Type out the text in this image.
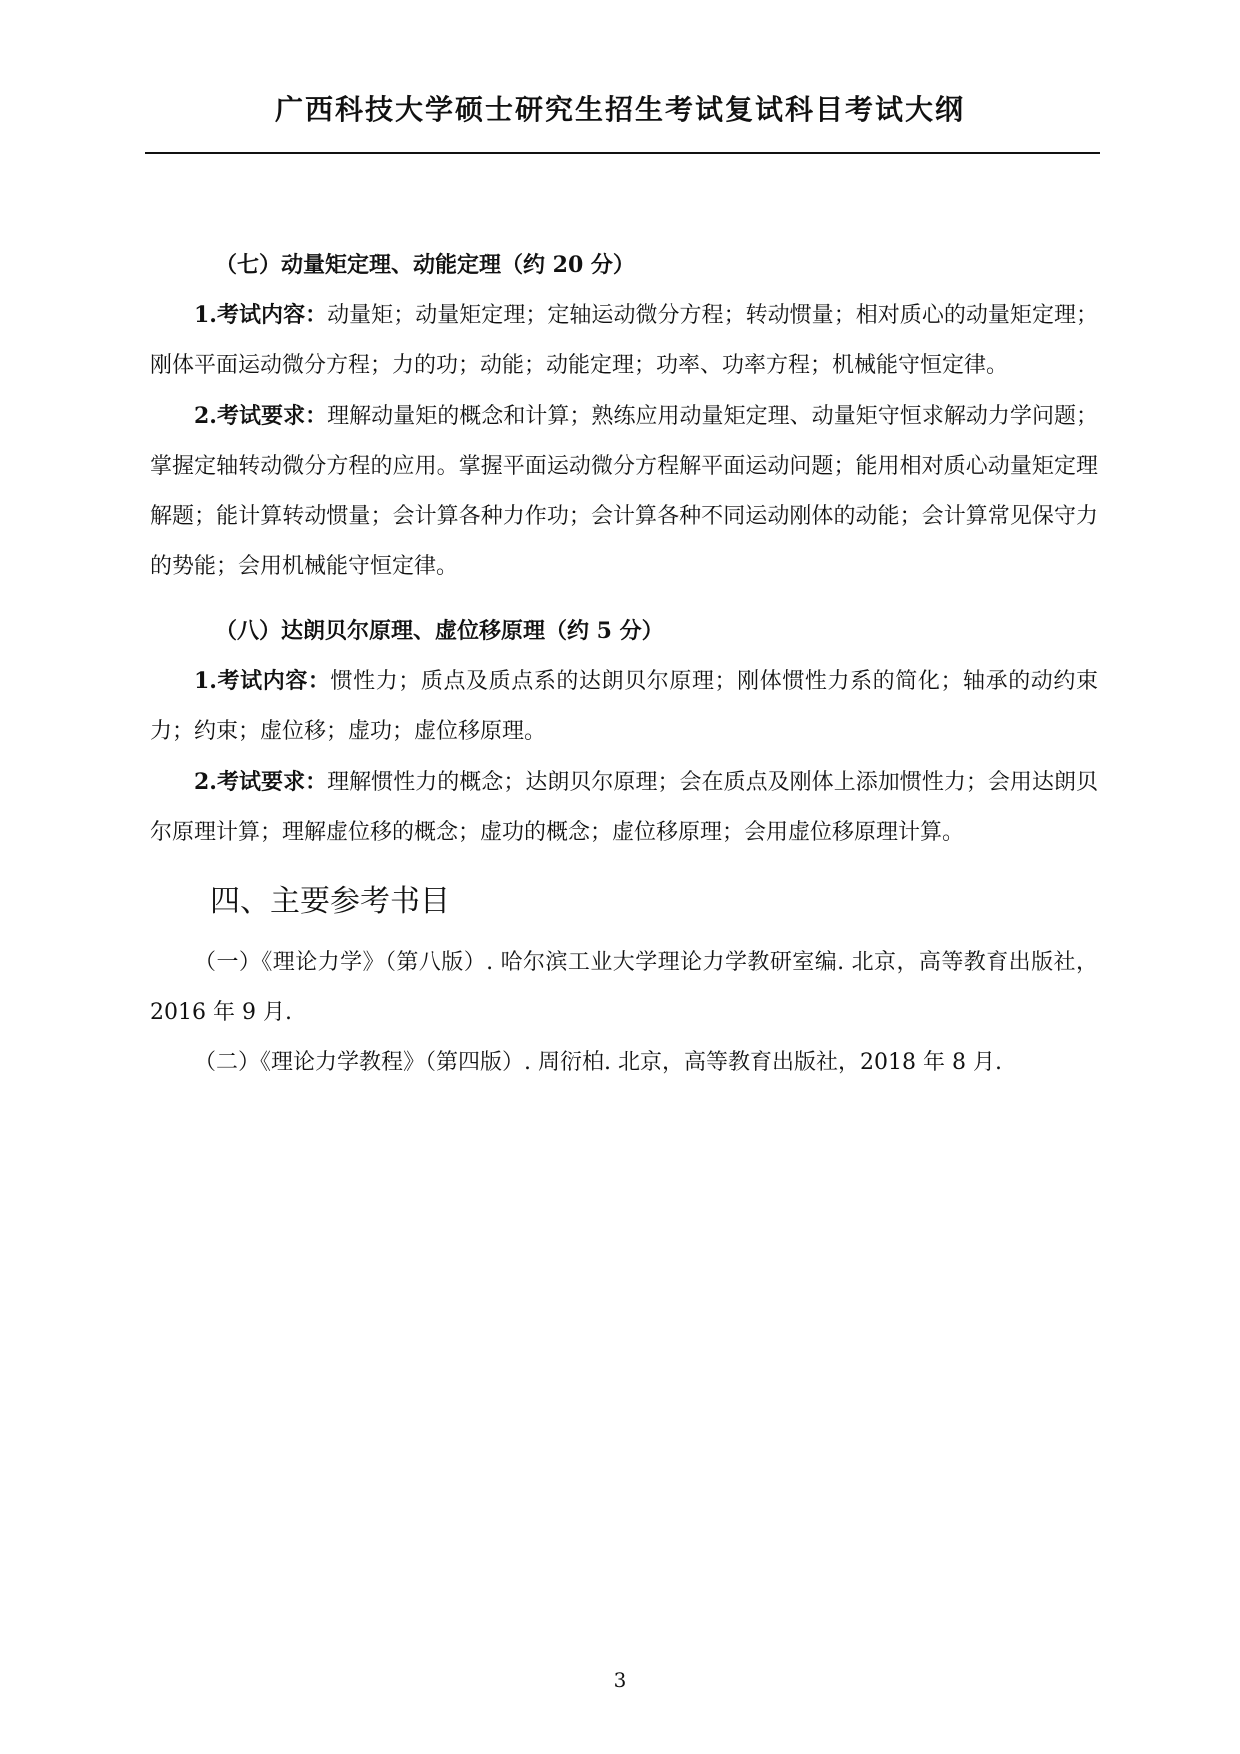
广西科技大学硕士研究生招生考试复试科目考试大纲

（七）动量矩定理、动能定理（约 20 分）

1.考试内容：动量矩；动量矩定理；定轴运动微分方程；转动惯量；相对质心的动量矩定理；刚体平面运动微分方程；力的功；动能；动能定理；功率、功率方程；机械能守恒定律。

2.考试要求：理解动量矩的概念和计算；熟练应用动量矩定理、动量矩守恒求解动力学问题；掌握定轴转动微分方程的应用。掌握平面运动微分方程解平面运动问题；能用相对质心动量矩定理解题；能计算转动惯量；会计算各种力作功；会计算各种不同运动刚体的动能；会计算常见保守力的势能；会用机械能守恒定律。

（八）达朗贝尔原理、虚位移原理（约 5 分）

1.考试内容：惯性力；质点及质点系的达朗贝尔原理；刚体惯性力系的简化；轴承的动约束力；约束；虚位移；虚功；虚位移原理。

2.考试要求：理解惯性力的概念；达朗贝尔原理；会在质点及刚体上添加惯性力；会用达朗贝尔原理计算；理解虚位移的概念；虚功的概念；虚位移原理；会用虚位移原理计算。

四、主要参考书目

（一）《理论力学》（第八版）. 哈尔滨工业大学理论力学教研室编. 北京，高等教育出版社，2016 年 9 月.

（二）《理论力学教程》（第四版）. 周衍柏. 北京，高等教育出版社，2018 年 8 月.

3
